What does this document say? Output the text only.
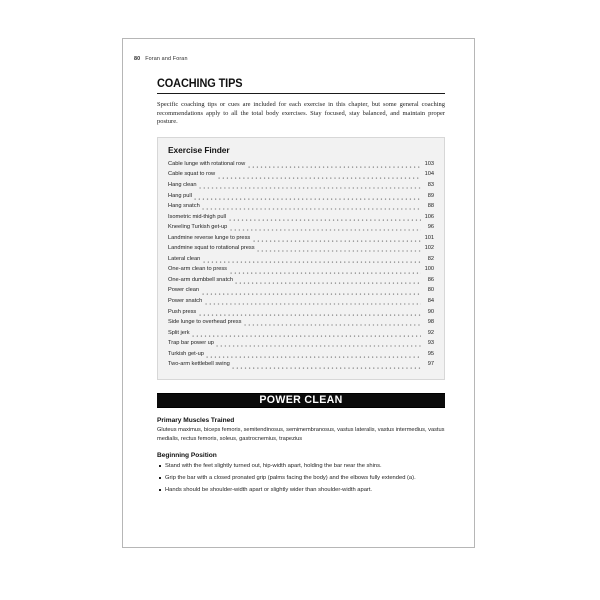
80 Foran and Foran
COACHING TIPS
Specific coaching tips or cues are included for each exercise in this chapter, but some general coaching recommendations apply to all the total body exercises. Stay focused, stay balanced, and maintain proper posture.
Exercise Finder
Cable lunge with rotational row	103
Cable squat to row	104
Hang clean	83
Hang pull	89
Hang snatch	88
Isometric mid-thigh pull	106
Kneeling Turkish get-up	96
Landmine reverse lunge to press	101
Landmine squat to rotational press	102
Lateral clean	82
One-arm clean to press	100
One-arm dumbbell snatch	86
Power clean	80
Power snatch	84
Push press	90
Side lunge to overhead press	98
Split jerk	92
Trap bar power up	93
Turkish get-up	95
Two-arm kettlebell swing	97
POWER CLEAN
Primary Muscles Trained
Gluteus maximus, biceps femoris, semitendinosus, semimembranosus, vastus lateralis, vastus intermedius, vastus medialis, rectus femoris, soleus, gastrocnemius, trapezius
Beginning Position
Stand with the feet slightly turned out, hip-width apart, holding the bar near the shins.
Grip the bar with a closed pronated grip (palms facing the body) and the elbows fully extended (a).
Hands should be shoulder-width apart or slightly wider than shoulder-width apart.
